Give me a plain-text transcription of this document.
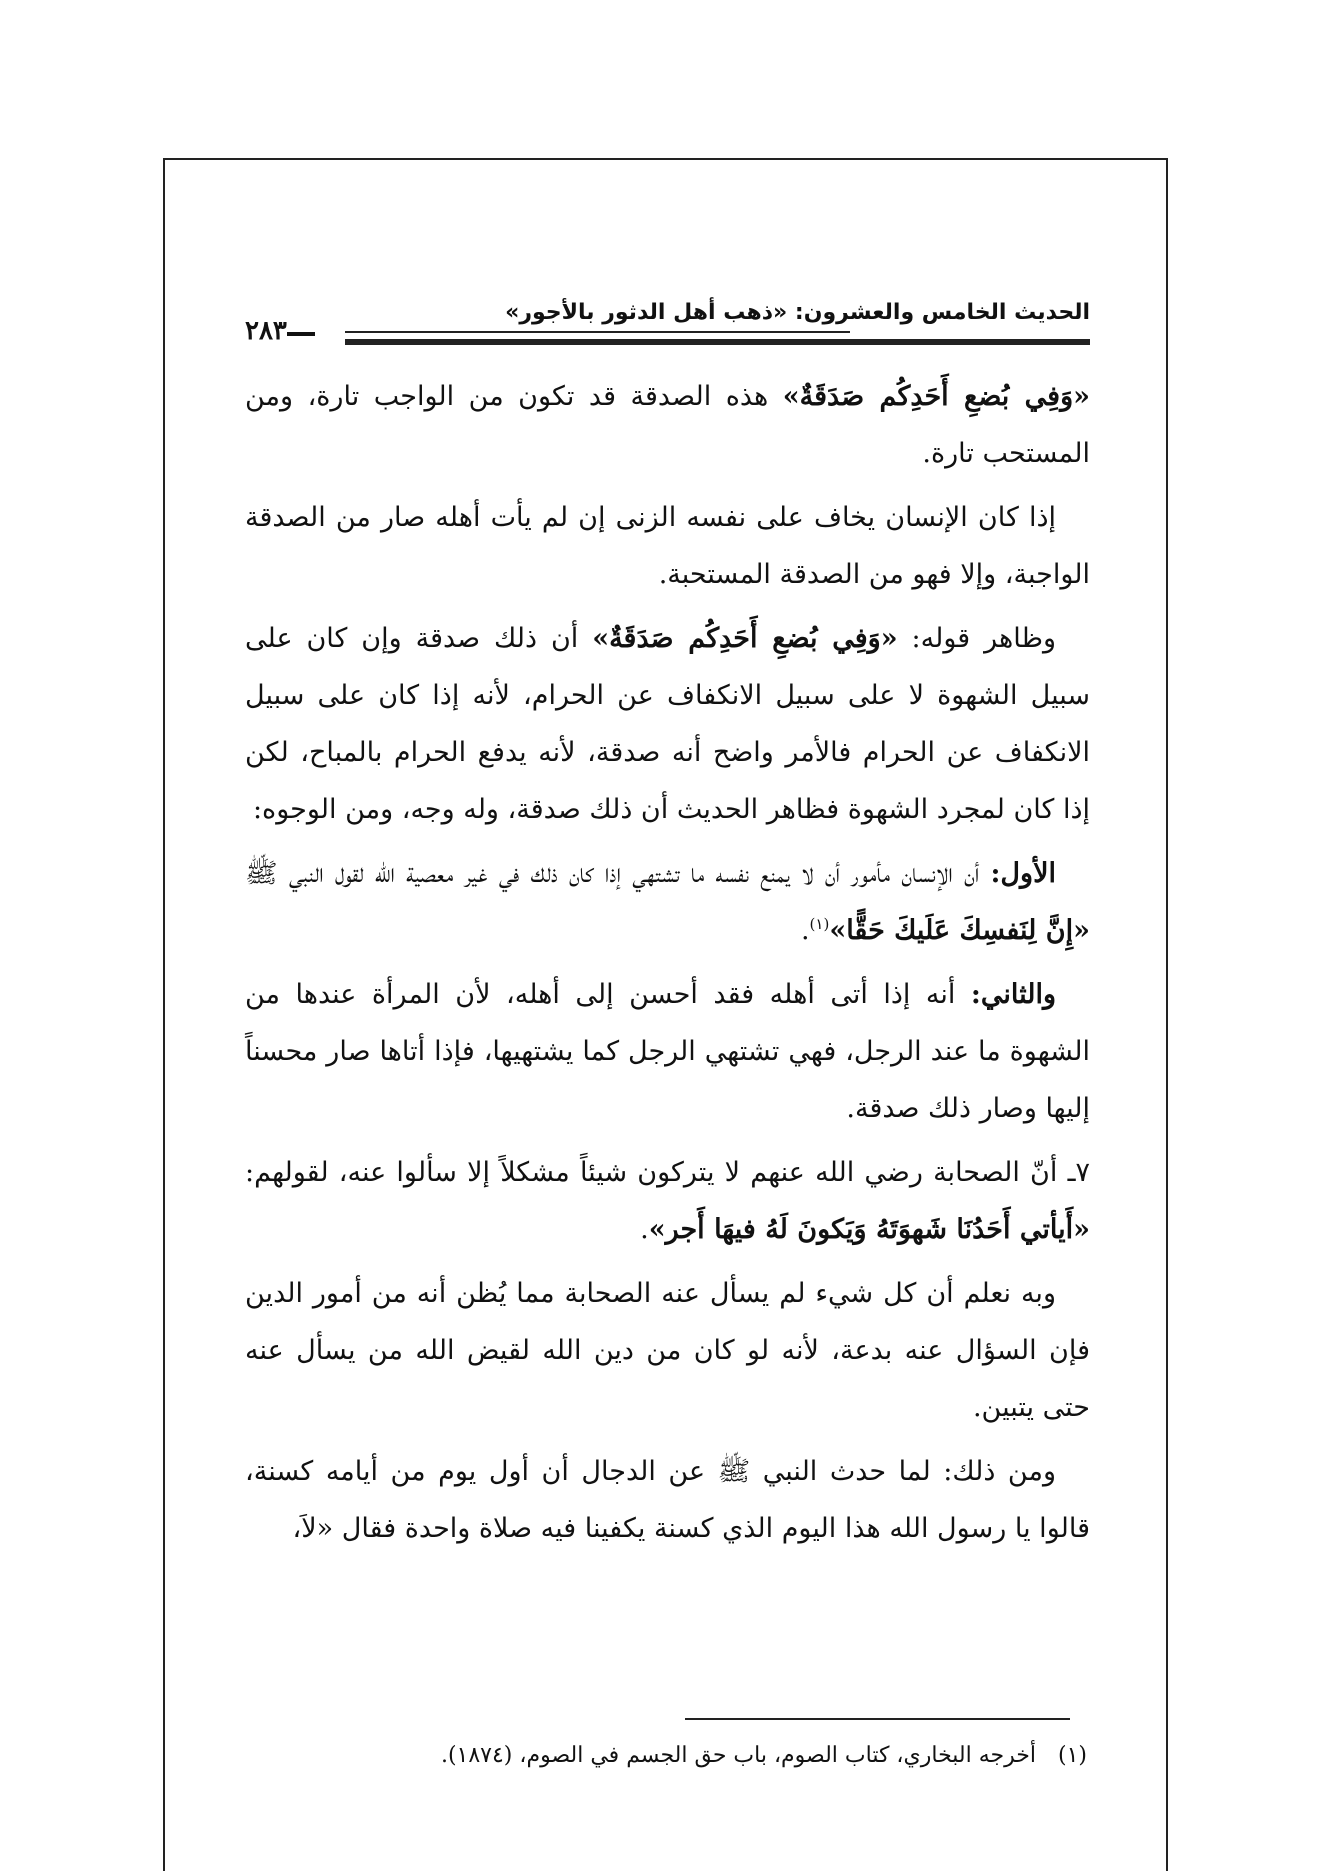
الحديث الخامس والعشرون: «ذهب أهل الدثور بالأجور»
٢٨٣

«وَفِي بُضعِ أَحَدِكُم صَدَقَةٌ» هذه الصدقة قد تكون من الواجب تارة، ومن المستحب تارة.

إذا كان الإنسان يخاف على نفسه الزنى إن لم يأت أهله صار من الصدقة الواجبة، وإلا فهو من الصدقة المستحبة.

وظاهر قوله: «وَفِي بُضعِ أَحَدِكُم صَدَقَةٌ» أن ذلك صدقة وإن كان على سبيل الشهوة لا على سبيل الانكفاف عن الحرام، لأنه إذا كان على سبيل الانكفاف عن الحرام فالأمر واضح أنه صدقة، لأنه يدفع الحرام بالمباح، لكن إذا كان لمجرد الشهوة فظاهر الحديث أن ذلك صدقة، وله وجه، ومن الوجوه:

الأول: أن الإنسان مأمور أن لا يمنع نفسه ما تشتهي إذا كان ذلك في غير معصية الله لقول النبي ﷺ «إِنَّ لِنَفسِكَ عَلَيكَ حَقًّا»$^{(١)}$.

والثاني: أنه إذا أتى أهله فقد أحسن إلى أهله، لأن المرأة عندها من الشهوة ما عند الرجل، فهي تشتهي الرجل كما يشتهيها، فإذا أتاها صار محسناً إليها وصار ذلك صدقة.

٧ـ أنّ الصحابة رضي الله عنهم لا يتركون شيئاً مشكلاً إلا سألوا عنه، لقولهم: «أَيأتي أَحَدُنَا شَهوَتَهُ وَيَكونَ لَهُ فيهَا أَجر».

وبه نعلم أن كل شيء لم يسأل عنه الصحابة مما يُظن أنه من أمور الدين فإن السؤال عنه بدعة، لأنه لو كان من دين الله لقيض الله من يسأل عنه حتى يتبين.

ومن ذلك: لما حدث النبي ﷺ عن الدجال أن أول يوم من أيامه كسنة، قالوا يا رسول الله هذا اليوم الذي كسنة يكفينا فيه صلاة واحدة فقال «لاَ،

(١)أخرجه البخاري، كتاب الصوم، باب حق الجسم في الصوم، (١٨٧٤).
